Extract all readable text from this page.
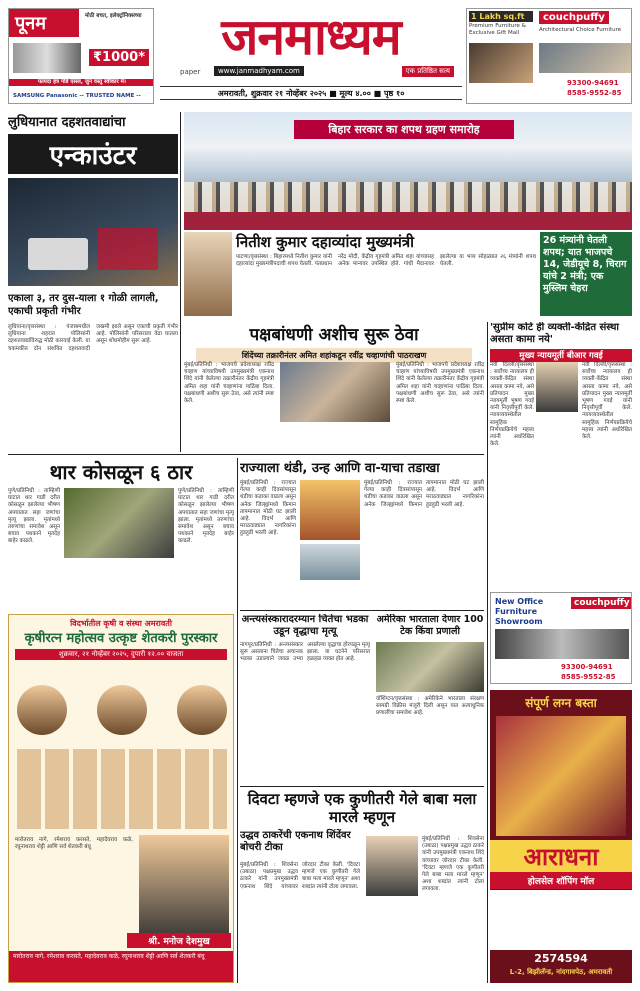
पूनम	मोठी बचत, इलेक्ट्रॉनिक्सच्या
₹1000*
फायदा हंत्र गॉडे एसल, जुनं वस्तु स्वीकार में।
SAMSUNG Panasonic -- TRUSTED NAME --
जनमाध्यम
paper	www.janmadhyam.com	एक प्रतिष्ठित सत्य
अमरावती, शुक्रवार २१ नोव्हेंबर २०२५ ■ मूल्य ४.०० ■ पृष्ठ १०
1 Lakh sq.ft
Premium Furniture & Exclusive Gift Mall
couchpuffy
Architectural Choice Furniture
93300-94691
8585-9552-85
लुधियानात दहशतवाद्यांचा
एन्काउंटर
एकाला ३, तर दुस-याला १ गोळी लागली, एकाची प्रकृती गंभीर
लुधियाना/वृत्तसंस्था : पंजाबमधील लुधियाना शहरात पोलिसांनी दहशतवाद्यांविरुद्ध मोठी कारवाई केली. या चकमकीत दोन संशयित दहशतवादी जखमी झाले असून एकाची प्रकृती गंभीर आहे. पोलिसांनी परिसराला वेढा घातला असून शोधमोहीम सुरू आहे.
बिहार सरकार का शपथ ग्रहण समारोह
नितीश कुमार दहाव्यांदा मुख्यमंत्री
पाटणा/वृत्तसंस्था : बिहारमध्ये नितीश कुमार यांनी दहाव्यांदा मुख्यमंत्रीपदाची शपथ घेतली. पंतप्रधान नरेंद्र मोदी, केंद्रीय गृहमंत्री अमित शहा यांच्यासह अनेक मान्यवर उपस्थित होते. गांधी मैदानावर झालेल्या या भव्य सोहळ्यात २६ मंत्र्यांनी शपथ घेतली.
26 मंत्र्यांनी घेतली शपथ; यात भाजपचे 14, जेडीयूचे 8, चिराग यांचे 2 मंत्री; एक मुस्लिम चेहरा
पक्षबांधणी अशीच सुरू ठेवा
शिंदेंच्या तक्रारीनंतर अमित शहांकडून रवींद्र चव्हाणांची पाठराखण
मुंबई/प्रतिनिधी : भाजपचे प्रदेशाध्यक्ष रवींद्र चव्हाण यांच्याविषयी उपमुख्यमंत्री एकनाथ शिंदे यांनी केलेल्या तक्रारीनंतर केंद्रीय गृहमंत्री अमित शहा यांनी चव्हाणांना पाठिंबा दिला. पक्षबांधणी अशीच सुरू ठेवा, असे त्यांनी स्पष्ट केले.
मुंबई/प्रतिनिधी : भाजपचे प्रदेशाध्यक्ष रवींद्र चव्हाण यांच्याविषयी उपमुख्यमंत्री एकनाथ शिंदे यांनी केलेल्या तक्रारीनंतर केंद्रीय गृहमंत्री अमित शहा यांनी चव्हाणांना पाठिंबा दिला. पक्षबांधणी अशीच सुरू ठेवा, असे त्यांनी स्पष्ट केले.
'सुप्रीम कोर्ट ही व्यक्ती-केंद्रित संस्था असता कामा नये'
मुख्य न्यायमूर्ती बीआर गवई
नवी दिल्ली/वृत्तसंस्था : सर्वोच्च न्यायालय ही व्यक्ती-केंद्रित संस्था असता कामा नये, असे प्रतिपादन मुख्य न्यायमूर्ती भूषण गवई यांनी निवृत्तीपूर्वी केले. न्यायव्यवस्थेतील सामूहिक निर्णयप्रक्रियेचे महत्त्व त्यांनी अधोरेखित केले.
नवी दिल्ली/वृत्तसंस्था : सर्वोच्च न्यायालय ही व्यक्ती-केंद्रित संस्था असता कामा नये, असे प्रतिपादन मुख्य न्यायमूर्ती भूषण गवई यांनी निवृत्तीपूर्वी केले. न्यायव्यवस्थेतील सामूहिक निर्णयप्रक्रियेचे महत्त्व त्यांनी अधोरेखित केले.
थार कोसळून ६ ठार
पुणे/प्रतिनिधी : ताम्हिणी घाटात थार गाडी दरीत कोसळून झालेल्या भीषण अपघातात सहा जणांचा मृत्यू झाला. मृतांमध्ये तरुणांचा समावेश असून बचाव पथकाने मृतदेह बाहेर काढले.
पुणे/प्रतिनिधी : ताम्हिणी घाटात थार गाडी दरीत कोसळून झालेल्या भीषण अपघातात सहा जणांचा मृत्यू झाला. मृतांमध्ये तरुणांचा समावेश असून बचाव पथकाने मृतदेह बाहेर काढले.
राज्याला थंडी, उन्ह आणि वा-याचा तडाखा
मुंबई/प्रतिनिधी : राज्यात गेल्या काही दिवसांपासून थंडीचा कडाका वाढला असून अनेक जिल्ह्यांमध्ये किमान तापमानात मोठी घट झाली आहे. विदर्भ आणि मराठवाड्यात नागरिकांना हुडहुडी भरली आहे.
मुंबई/प्रतिनिधी : राज्यात गेल्या काही दिवसांपासून थंडीचा कडाका वाढला असून अनेक जिल्ह्यांमध्ये किमान तापमानात मोठी घट झाली आहे. विदर्भ आणि मराठवाड्यात नागरिकांना हुडहुडी भरली आहे.
New Office Furniture Showroom
couchpuffy
93300-94691
8585-9552-85
संपूर्ण लग्न बस्ता
आराधना
होलसेल शॉपिंग मॉल
2574594
L-2, बिझीलॅन्ड, नांदगावपेठ, अमरावती
विदर्भातील कृषी व संस्था अमरावती
कृषीरत्न महोत्सव उत्कृष्ट शेतकरी पुरस्कार
शुक्रवार, २१ नोव्हेंबर २०२५, दुपारी १२.०० वाजता
श्री. मनोज देशमुख
मारोतराव नागे, रमेशराव करसते, महादेवराव कळे, रघुनाथराव शेट्टी आणि सर्व शेतकरी बंधू
मारोतराव नागे, रमेशराव करसते, महादेवराव कळे, रघुनाथराव शेट्टी आणि सर्व शेतकरी बंधू
अन्त्यसंस्कारादरम्यान चितेचा भडका उडून वृद्धाचा मृत्यू
नागपूर/प्रतिनिधी : अन्त्यसंस्कार सुरू असताना चितेचा अचानक भडका उडाल्याने जवळ उभ्या असलेल्या वृद्धाचा होरपळून मृत्यू झाला. या घटनेने परिसरात हळहळ व्यक्त होत आहे.
अमेरिका भारताला देणार 100 टेक किंवा प्रणाली
वॉशिंग्टन/वृत्तसंस्था : अमेरिकेने भारताला संरक्षण सामग्री विक्रीस मंजुरी दिली असून यात अत्याधुनिक प्रणालींचा समावेश आहे.
दिवटा म्हणजे एक कुणीतरी गेले बाबा मला मारले म्हणून
उद्धव ठाकरेंची एकनाथ शिंदेंवर बोचरी टीका
मुंबई/प्रतिनिधी : शिवसेना (उबाठा) पक्षप्रमुख उद्धव ठाकरे यांनी उपमुख्यमंत्री एकनाथ शिंदे यांच्यावर जोरदार टीका केली. 'दिवटा म्हणजे एक कुणीतरी गेले बाबा मला मारले म्हणून' अशा शब्दांत त्यांनी टोला लगावला.
मुंबई/प्रतिनिधी : शिवसेना (उबाठा) पक्षप्रमुख उद्धव ठाकरे यांनी उपमुख्यमंत्री एकनाथ शिंदे यांच्यावर जोरदार टीका केली. 'दिवटा म्हणजे एक कुणीतरी गेले बाबा मला मारले म्हणून' अशा शब्दांत त्यांनी टोला लगावला.
